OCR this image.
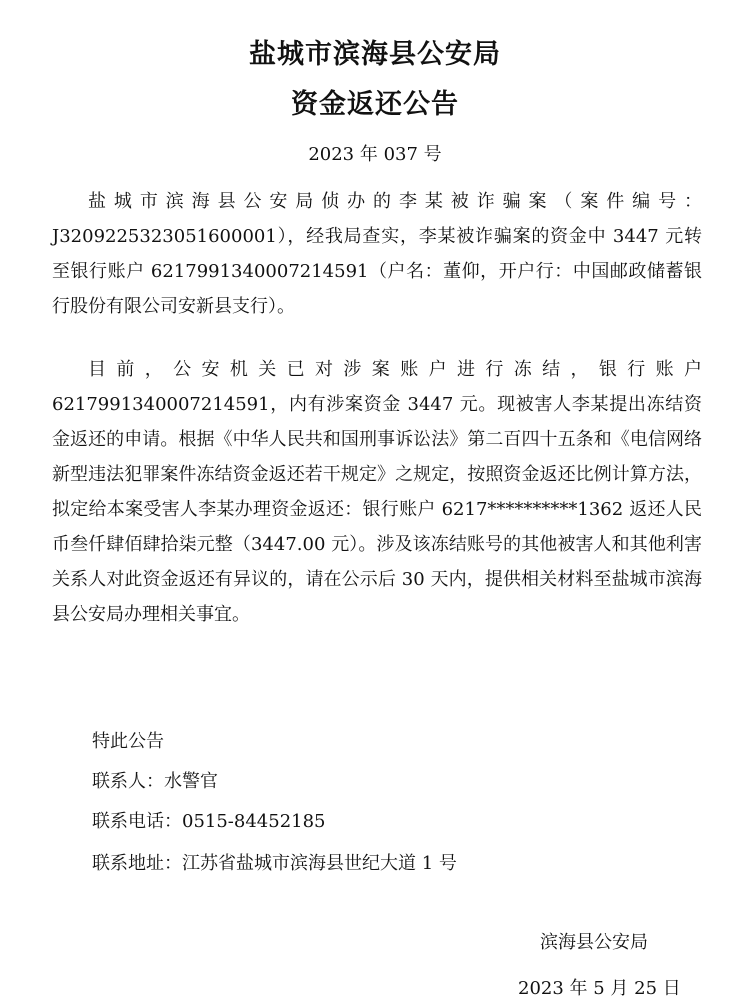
盐城市滨海县公安局
资金返还公告
2023 年 037 号

盐城市滨海县公安局侦办的李某被诈骗案（案件编号：J3209225323051600001），经我局查实，李某被诈骗案的资金中 3447 元转至银行账户 6217991340007214591（户名：董仰，开户行：中国邮政储蓄银行股份有限公司安新县支行）。

目前，公安机关已对涉案账户进行冻结，银行账户 6217991340007214591，内有涉案资金 3447 元。现被害人李某提出冻结资金返还的申请。根据《中华人民共和国刑事诉讼法》第二百四十五条和《电信网络新型违法犯罪案件冻结资金返还若干规定》之规定，按照资金返还比例计算方法，拟定给本案受害人李某办理资金返还：银行账户 6217**********1362 返还人民币叁仟肆佰肆拾柒元整（3447.00 元）。涉及该冻结账号的其他被害人和其他利害关系人对此资金返还有异议的，请在公示后 30 天内，提供相关材料至盐城市滨海县公安局办理相关事宜。

特此公告
联系人：水警官
联系电话：0515-84452185
联系地址：江苏省盐城市滨海县世纪大道 1 号
滨海县公安局
2023 年 5 月 25 日
